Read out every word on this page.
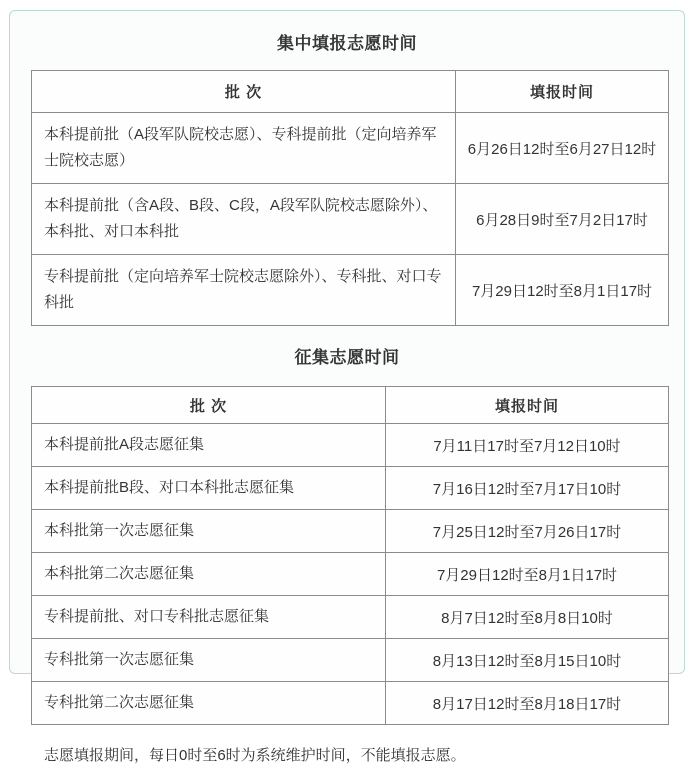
集中填报志愿时间
批 次	填报时间
本科提前批（A段军队院校志愿）、专科提前批（定向培养军士院校志愿）	6月26日12时至6月27日12时
本科提前批（含A段、B段、C段，A段军队院校志愿除外）、本科批、对口本科批	6月28日9时至7月2日17时
专科提前批（定向培养军士院校志愿除外）、专科批、对口专科批	7月29日12时至8月1日17时
征集志愿时间
批 次	填报时间
本科提前批A段志愿征集	7月11日17时至7月12日10时
本科提前批B段、对口本科批志愿征集	7月16日12时至7月17日10时
本科批第一次志愿征集	7月25日12时至7月26日17时
本科批第二次志愿征集	7月29日12时至8月1日17时
专科提前批、对口专科批志愿征集	8月7日12时至8月8日10时
专科批第一次志愿征集	8月13日12时至8月15日10时
专科批第二次志愿征集	8月17日12时至8月18日17时

志愿填报期间，每日0时至6时为系统维护时间，不能填报志愿。
